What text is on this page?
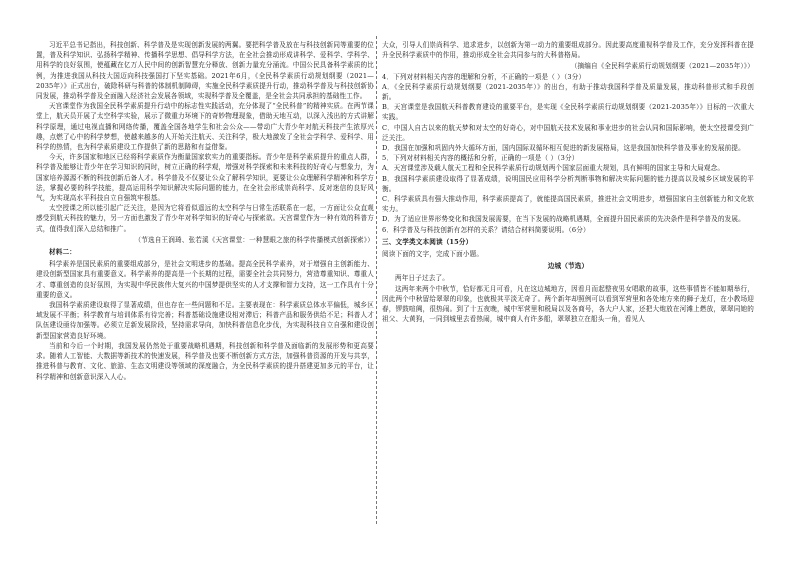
习近平总书记指出，科技创新、科学普及是实现创新发展的两翼。要把科学普及放在与科技创新同等重要的位置，普及科学知识、弘扬科学精神、传播科学思想、倡导科学方法，在全社会推动形成讲科学、爱科学、学科学、用科学的良好氛围，使蕴藏在亿万人民中间的创新智慧充分释放、创新力量充分涌流。中国公民具备科学素质的比例，为推进我国从科技大国迈向科技强国打下坚实基础。2021年6月，《全民科学素质行动规划纲要（2021—2035年）》正式出台，破除科研与科普的体制机制障碍，实施全民科学素质提升行动，推动科学普及与科技创新协同发展，推动科学普及全面融入经济社会发展各领域，实现科学普及全覆盖，是全社会共同承担的基础性工作。

天宫课堂作为我国全民科学素质提升行动中的标志性实践活动，充分体现了“全民科普”的精神实质。在两节课堂上，航天员开展了太空科学实验，展示了微重力环境下的奇妙物理现象，借助天地互动，以深入浅出的方式讲解科学原理，通过电视直播和网络传播，覆盖全国各地学生和社会公众——带动广大青少年对航天科技产生浓厚兴趣，点燃了心中的科学梦想，使越来越多的人开始关注航天、关注科学，极大地激发了全社会学科学、爱科学、用科学的热情，也为科学素质建设工作提供了新的思路和有益借鉴。

今天，许多国家和地区已经将科学素质作为衡量国家软实力的重要指标。青少年是科学素质提升的重点人群，科学普及能够让青少年在学习知识的同时，树立正确的科学观，增强对科学探索和未来科技的好奇心与想象力，为国家培养源源不断的科技创新后备人才。科学普及不仅要让公众了解科学知识，更要让公众理解科学精神和科学方法，掌握必要的科学技能，提高运用科学知识解决实际问题的能力，在全社会形成崇尚科学、反对迷信的良好风气，为实现高水平科技自立自强筑牢根基。

太空授课之所以能引起广泛关注，是因为它将看似遥远的太空科学与日常生活联系在一起，一方面让公众直观感受到航天科技的魅力，另一方面也激发了青少年对科学知识的好奇心与探索欲。天宫课堂作为一种有效的科普方式，值得我们深入总结和推广。

（节选自王润琦、张若溪《天宫课堂：一种慧眼之旅的科学传播模式创新探索》）

材料二：

科学素养是国民素质的重要组成部分，是社会文明进步的基础。提高全民科学素养，对于增强自主创新能力、建设创新型国家具有重要意义。科学素养的提高是一个长期的过程，需要全社会共同努力，营造尊重知识、尊重人才、尊重创造的良好氛围，为实现中华民族伟大复兴的中国梦提供坚实的人才支撑和智力支持，这一工作具有十分重要的意义。

我国科学素质建设取得了显著成绩，但也存在一些问题和不足。主要表现在：科学素质总体水平偏低，城乡区域发展不平衡；科学教育与培训体系有待完善；科普基础设施建设相对滞后；科普产品和服务供给不足；科普人才队伍建设亟待加强等。必须立足新发展阶段，坚持需求导向，加快科普信息化步伐，为实现科技自立自强和建设创新型国家营造良好环境。

当前和今后一个时期，我国发展仍然处于重要战略机遇期，科技创新和科学普及面临新的发展形势和更高要求。随着人工智能、大数据等新技术的快速发展，科学普及也要不断创新方式方法，加强科普资源的开发与共享，推进科普与教育、文化、旅游、生态文明建设等领域的深度融合，为全民科学素质的提升搭建更加多元的平台，让科学精神和创新意识深入人心。

大众，引导人们崇尚科学、追求进步，以创新为第一动力的重要组成部分。因此要高度重视科学普及工作，充分发挥科普在提升全民科学素质中的作用，推动形成全社会共同参与的大科普格局。

（摘编自《全民科学素质行动规划纲要（2021—2035年）》）

4．下列对材料相关内容的理解和分析，不正确的一项是（ ）（3分）

A．《全民科学素质行动规划纲要（2021-2035年）》的出台，有助于推动我国科学普及质量发展，推动科普形式和手段创新。

B．天宫课堂是我国航天科普教育建设的重要平台，是实现《全民科学素质行动规划纲要（2021-2035年）》目标的一次重大实践。

C．中国人自古以来的航天梦和对太空的好奇心，对中国航天技术发展和事业进步的社会认同和国际影响，使太空授课受到广泛关注。

D．我国在加强和巩固内外大循环方面，国内国际双循环相互促进的新发展格局，这是我国加快科学普及事业的发展前提。

5．下列对材料相关内容的概括和分析，正确的一项是（ ）（3分）

A．天宫课堂涉及载人航天工程和全民科学素质行动规划两个国家层面重大规划，具有鲜明的国家主导和大局观念。

B．我国科学素质建设取得了显著成绩，说明国民应用科学分析判断事物和解决实际问题的能力提高以及城乡区域发展的平衡。

C．科学素质具有强大推动作用，科学素质提高了，就能提高国民素质，推进社会文明进步，增强国家自主创新能力和文化软实力。

D．为了适应世界形势变化和我国发展需要，在当下发展的战略机遇期，全面提升国民素质的先决条件是科学普及的发展。

6．科学普及与科技创新有怎样的关系？请结合材料简要说明。（6分）

三、文学类文本阅读（15分）

阅读下面的文字，完成下面小题。

边城（节选）

两年日子过去了。

这两年来两个中秋节，恰好都无月可看，凡在这边城地方，因看月而起整夜男女唱歌的故事，这些事情皆不能如期举行，因此两个中秋留给翠翠的印象，也就极其平淡无奇了。两个新年却照例可以看到军营里和各处地方来的狮子龙灯，在小教场迎春，锣鼓喧阗，很热闹。到了十五夜晚，城中军营里和税局以及各商号，各大户人家，还把大炮放在河滩上燃放，翠翠同她的祖父、大黄狗，一同到城里去看热闹，城中商人有许多船，翠翠独立在船头一角，看见人
